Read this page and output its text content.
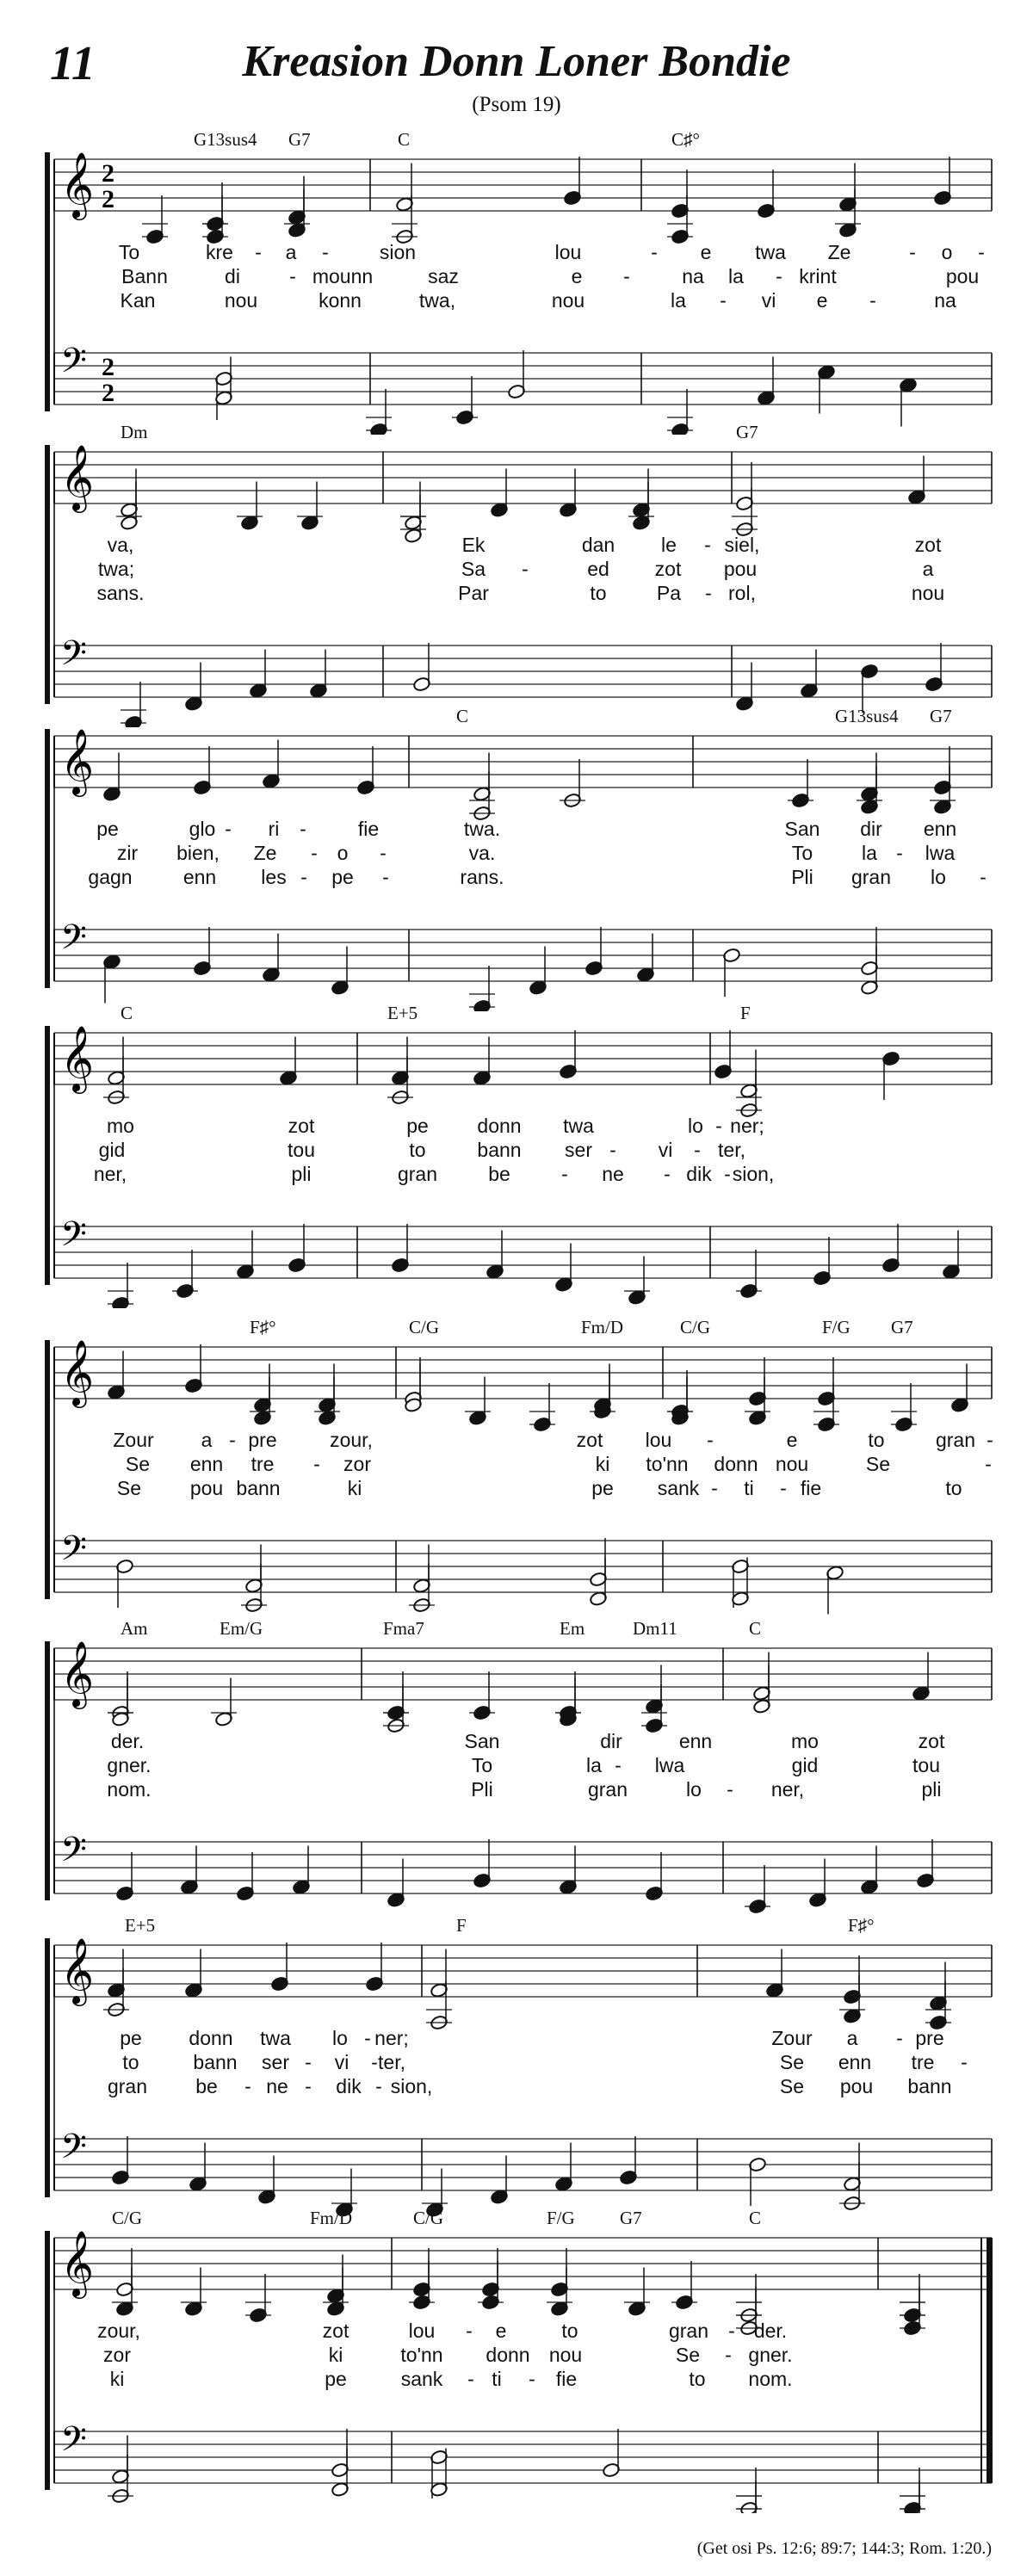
11	Kreasion Donn Loner Bondie
(Psom 19)
𝄞
𝄢
2
2
2
2
G13sus4 G7	C	C♯°
To	kre - a -	sion	lou	- e twa Ze	- o -
Bann	di - mounn	saz	e -	na la - krint	pou
Kan	nou	konn	twa,	nou	la - vi e -	na
𝄞
𝄢
Dm	G7
va,	Ek	dan le - siel,	zot
twa;	Sa	ed zot pou	a
-
sans.	Par	to	Pa - rol,	nou
𝄞
𝄢
C	G13sus4 G7
pe	glo - ri -	fie	twa.	San dir enn
zir bien, Ze - o -	va.	To la - lwa
gagn	enn les - pe -	rans.	Pli gran lo -
𝄞
𝄢
C	E+5	F
mo	zot	pe donn twa	lo - ner;
gid	tou	to	bann ser - vi - ter,
ner,	pli	gran	be	- ne - dik - sion,
𝄞
𝄢
F♯°	C/G	Fm/D	C/G	F/G G7
Zour a - pre	zour,	zot lou -	e	to	gran -
Se enn tre - zor	ki to'nn donn nou	Se	-
Se pou bann	ki	pe sank - ti - fie	to
𝄞
𝄢
Am	Em/G	Fma7	Em	Dm11	C
der.	San	dir	enn	mo	zot
gner.	To	la - lwa	gid	tou
nom.	Pli	gran	lo - ner,	pli
𝄞
𝄢
E+5	F	F♯°
pe donn twa lo - ner;	Zour a - pre
to	bann ser - vi - ter,	Se enn tre -
gran be - ne - dik - sion,	Se pou bann
𝄞
𝄢
C/G	Fm/D	C/G	F/G G7	C
zour,	zot	lou - e	to	gran - der.
zor	ki	to'nn donn nou	Se - gner.
ki	pe	sank - ti - fie	to nom.
(Get osi Ps. 12:6; 89:7; 144:3; Rom. 1:20.)
